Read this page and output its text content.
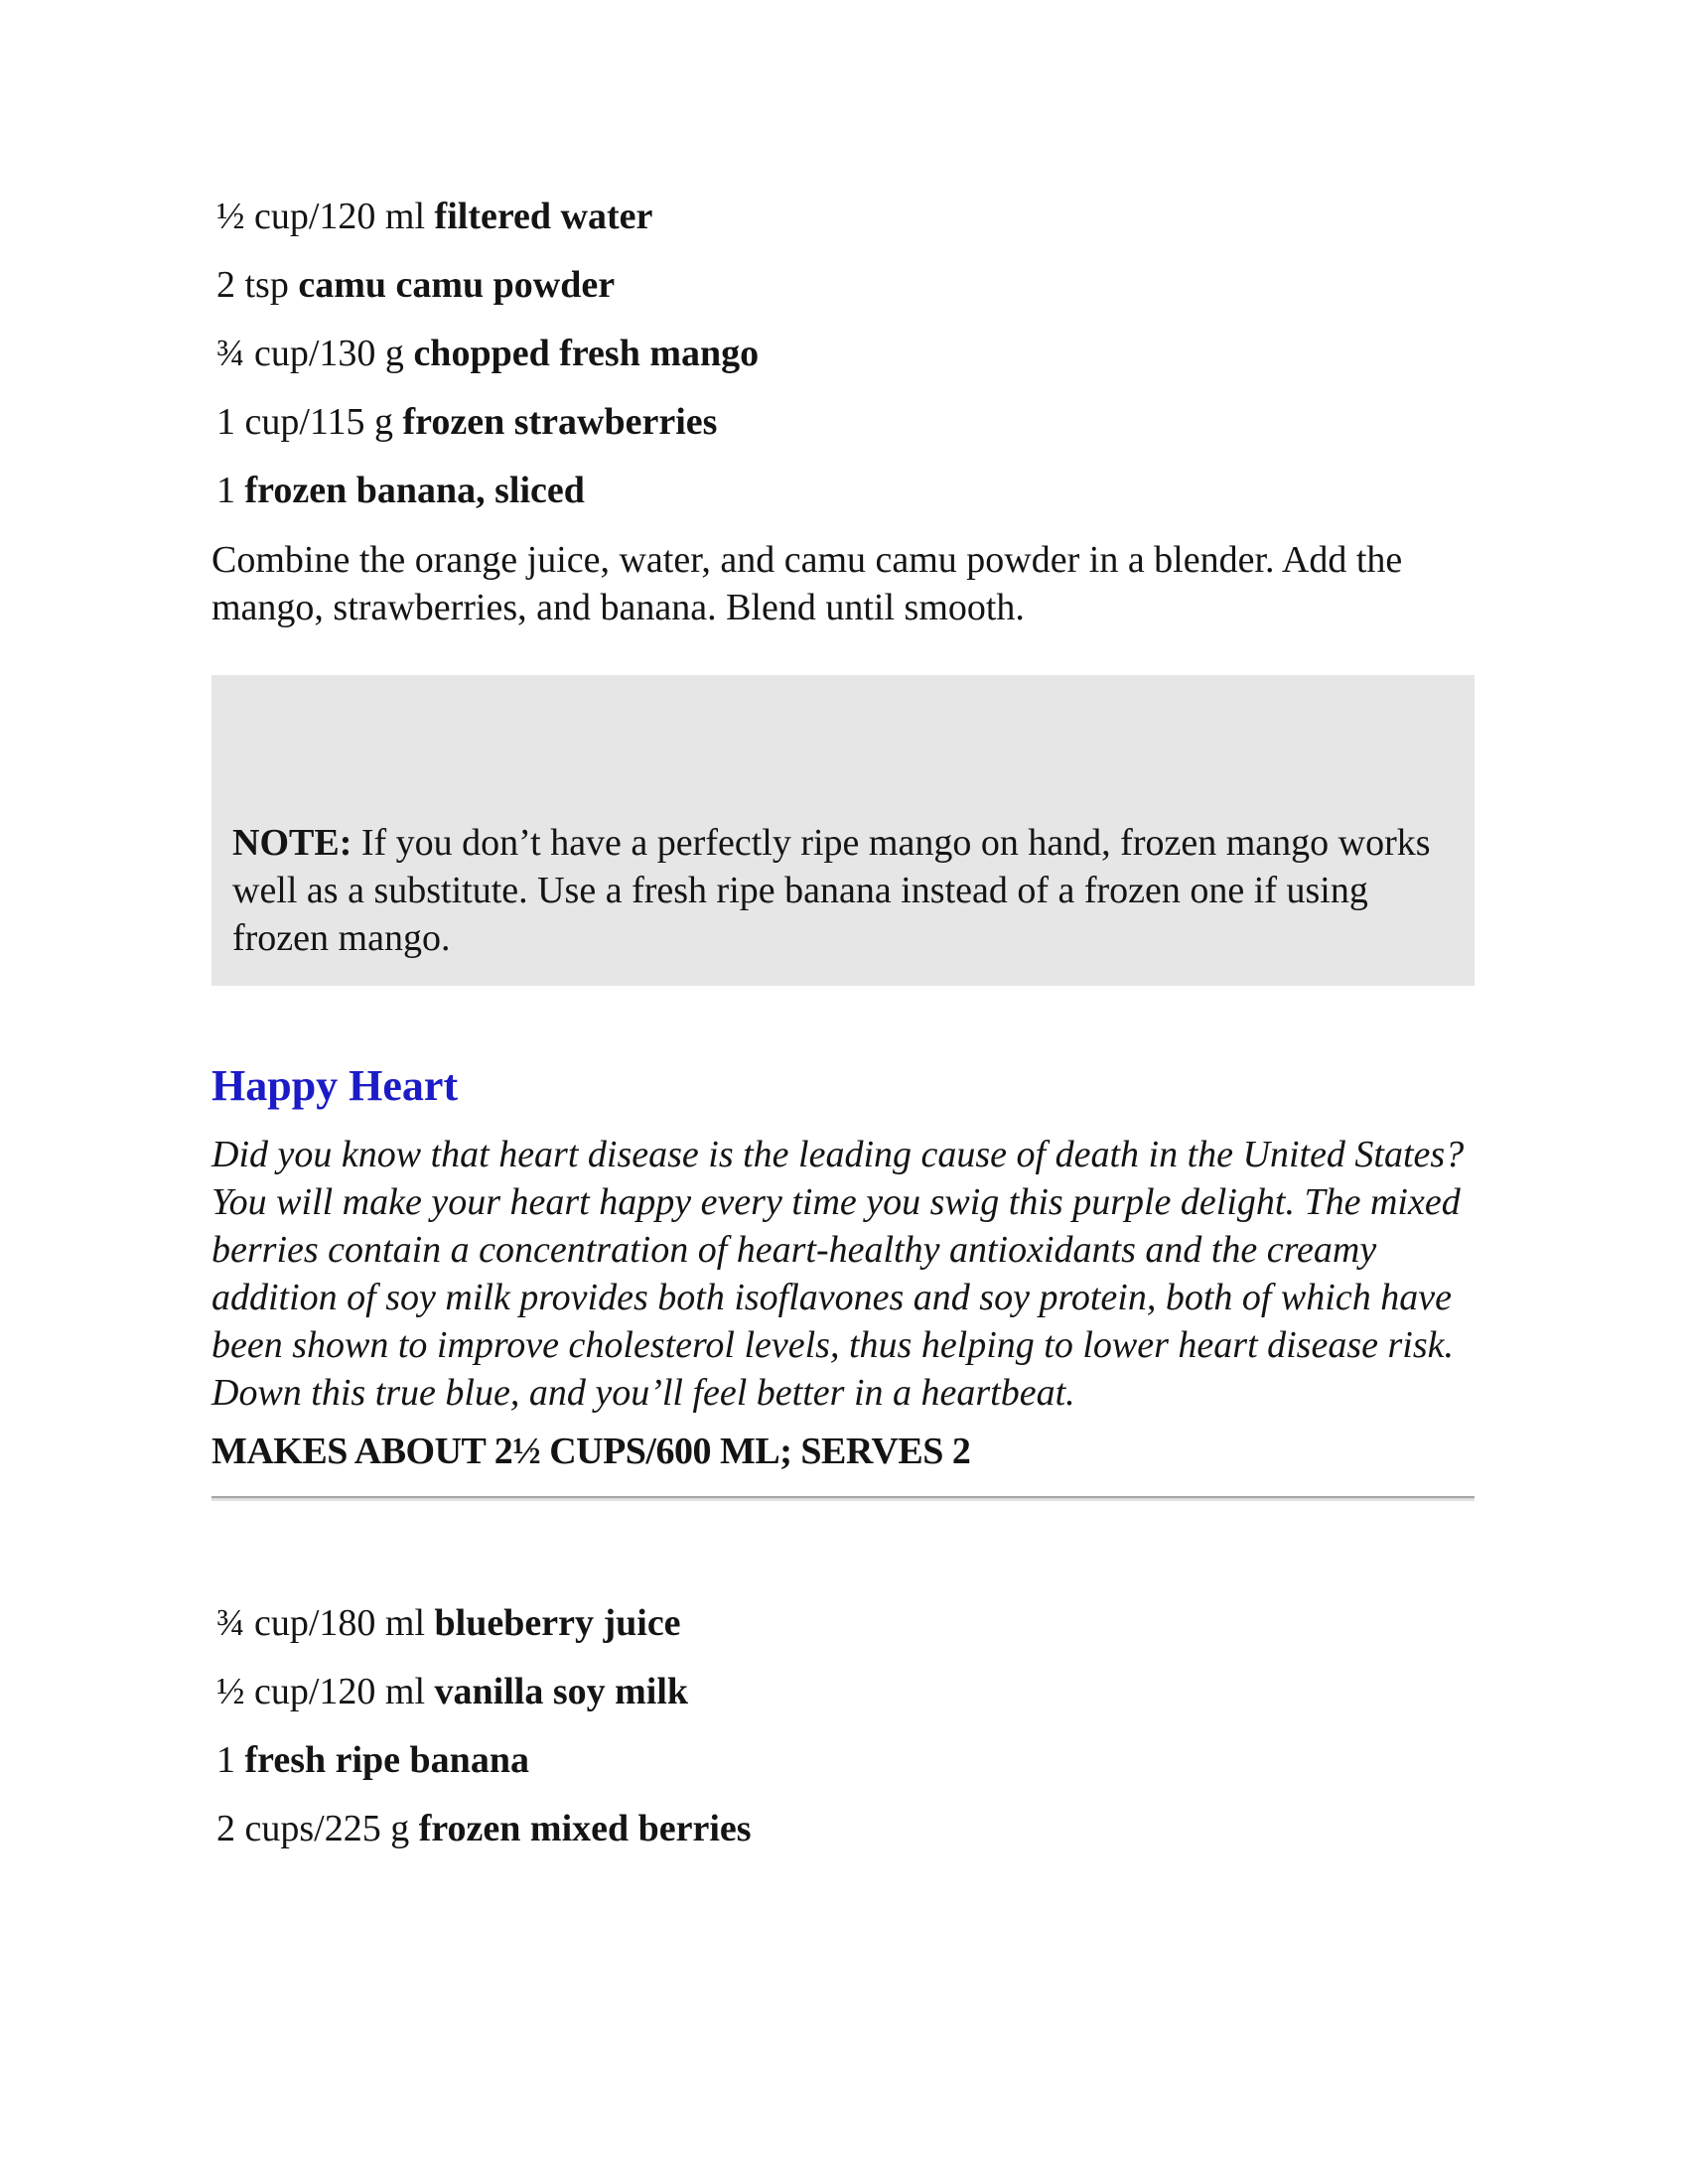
½ cup/120 ml filtered water
2 tsp camu camu powder
¾ cup/130 g chopped fresh mango
1 cup/115 g frozen strawberries
1 frozen banana, sliced

Combine the orange juice, water, and camu camu powder in a blender. Add the mango, strawberries, and banana. Blend until smooth.

NOTE: If you don’t have a perfectly ripe mango on hand, frozen mango works well as a substitute. Use a fresh ripe banana instead of a frozen one if using frozen mango.
Happy Heart
Did you know that heart disease is the leading cause of death in the United States? You will make your heart happy every time you swig this purple delight. The mixed berries contain a concentration of heart-healthy antioxidants and the creamy addition of soy milk provides both isoflavones and soy protein, both of which have been shown to improve cholesterol levels, thus helping to lower heart disease risk. Down this true blue, and you’ll feel better in a heartbeat.
MAKES ABOUT 2½ CUPS/600 ML; SERVES 2
¾ cup/180 ml blueberry juice
½ cup/120 ml vanilla soy milk
1 fresh ripe banana
2 cups/225 g frozen mixed berries
